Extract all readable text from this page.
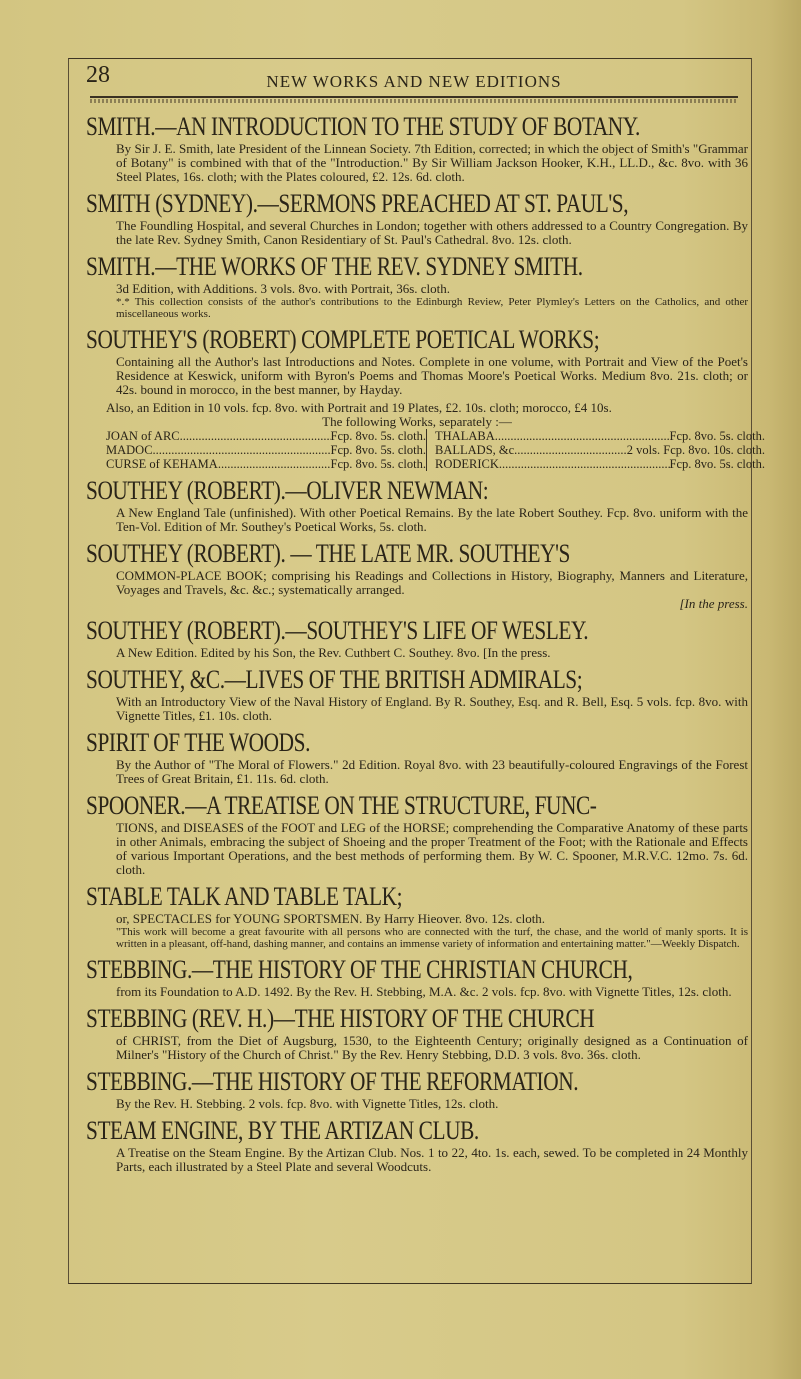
28	NEW WORKS AND NEW EDITIONS
SMITH.—AN INTRODUCTION TO THE STUDY OF BOTANY.
By Sir J. E. Smith, late President of the Linnean Society. 7th Edition, corrected; in which the object of Smith's "Grammar of Botany" is combined with that of the "Introduction." By Sir William Jackson Hooker, K.H., LL.D., &c. 8vo. with 36 Steel Plates, 16s. cloth; with the Plates coloured, £2. 12s. 6d. cloth.
SMITH (SYDNEY).—SERMONS PREACHED AT ST. PAUL'S,
The Foundling Hospital, and several Churches in London; together with others addressed to a Country Congregation. By the late Rev. Sydney Smith, Canon Residentiary of St. Paul's Cathedral. 8vo. 12s. cloth.
SMITH.—THE WORKS OF THE REV. SYDNEY SMITH.
3d Edition, with Additions. 3 vols. 8vo. with Portrait, 36s. cloth.
*.* This collection consists of the author's contributions to the Edinburgh Review, Peter Plymley's Letters on the Catholics, and other miscellaneous works.
SOUTHEY'S (ROBERT) COMPLETE POETICAL WORKS;
Containing all the Author's last Introductions and Notes. Complete in one volume, with Portrait and View of the Poet's Residence at Keswick, uniform with Byron's Poems and Thomas Moore's Poetical Works. Medium 8vo. 21s. cloth; or 42s. bound in morocco, in the best manner, by Hayday.
Also, an Edition in 10 vols. fcp. 8vo. with Portrait and 19 Plates, £2. 10s. cloth; morocco, £4 10s.
The following Works, separately :—
JOAN of ARC .....	Fcp. 8vo. 5s. cloth.
MADOC .....	Fcp. 8vo. 5s. cloth.
CURSE of KEHAMA .....	Fcp. 8vo. 5s. cloth.
THALABA .....	Fcp. 8vo. 5s. cloth.
BALLADS, &c. .....	2 vols. Fcp. 8vo. 10s. cloth.
RODERICK .....	Fcp. 8vo. 5s. cloth.
SOUTHEY (ROBERT).—OLIVER NEWMAN:
A New England Tale (unfinished). With other Poetical Remains. By the late Robert Southey. Fcp. 8vo. uniform with the Ten-Vol. Edition of Mr. Southey's Poetical Works, 5s. cloth.
SOUTHEY (ROBERT). — THE LATE MR. SOUTHEY'S
COMMON-PLACE BOOK; comprising his Readings and Collections in History, Biography, Manners and Literature, Voyages and Travels, &c. &c.; systematically arranged.
[In the press.
SOUTHEY (ROBERT).—SOUTHEY'S LIFE OF WESLEY.
A New Edition. Edited by his Son, the Rev. Cuthbert C. Southey. 8vo. [In the press.
SOUTHEY, &C.—LIVES OF THE BRITISH ADMIRALS;
With an Introductory View of the Naval History of England. By R. Southey, Esq. and R. Bell, Esq. 5 vols. fcp. 8vo. with Vignette Titles, £1. 10s. cloth.
SPIRIT OF THE WOODS.
By the Author of "The Moral of Flowers." 2d Edition. Royal 8vo. with 23 beautifully-coloured Engravings of the Forest Trees of Great Britain, £1. 11s. 6d. cloth.
SPOONER.—A TREATISE ON THE STRUCTURE, FUNC-
TIONS, and DISEASES of the FOOT and LEG of the HORSE; comprehending the Comparative Anatomy of these parts in other Animals, embracing the subject of Shoeing and the proper Treatment of the Foot; with the Rationale and Effects of various Important Operations, and the best methods of performing them. By W. C. Spooner, M.R.V.C. 12mo. 7s. 6d. cloth.
STABLE TALK AND TABLE TALK;
or, SPECTACLES for YOUNG SPORTSMEN. By Harry Hieover. 8vo. 12s. cloth.
"This work will become a great favourite with all persons who are connected with the turf, the chase, and the world of manly sports. It is written in a pleasant, off-hand, dashing manner, and contains an immense variety of information and entertaining matter."—Weekly Dispatch.
STEBBING.—THE HISTORY OF THE CHRISTIAN CHURCH,
from its Foundation to A.D. 1492. By the Rev. H. Stebbing, M.A. &c. 2 vols. fcp. 8vo. with Vignette Titles, 12s. cloth.
STEBBING (REV. H.)—THE HISTORY OF THE CHURCH
of CHRIST, from the Diet of Augsburg, 1530, to the Eighteenth Century; originally designed as a Continuation of Milner's "History of the Church of Christ." By the Rev. Henry Stebbing, D.D. 3 vols. 8vo. 36s. cloth.
STEBBING.—THE HISTORY OF THE REFORMATION.
By the Rev. H. Stebbing. 2 vols. fcp. 8vo. with Vignette Titles, 12s. cloth.
STEAM ENGINE, BY THE ARTIZAN CLUB.
A Treatise on the Steam Engine. By the Artizan Club. Nos. 1 to 22, 4to. 1s. each, sewed. To be completed in 24 Monthly Parts, each illustrated by a Steel Plate and several Woodcuts.
